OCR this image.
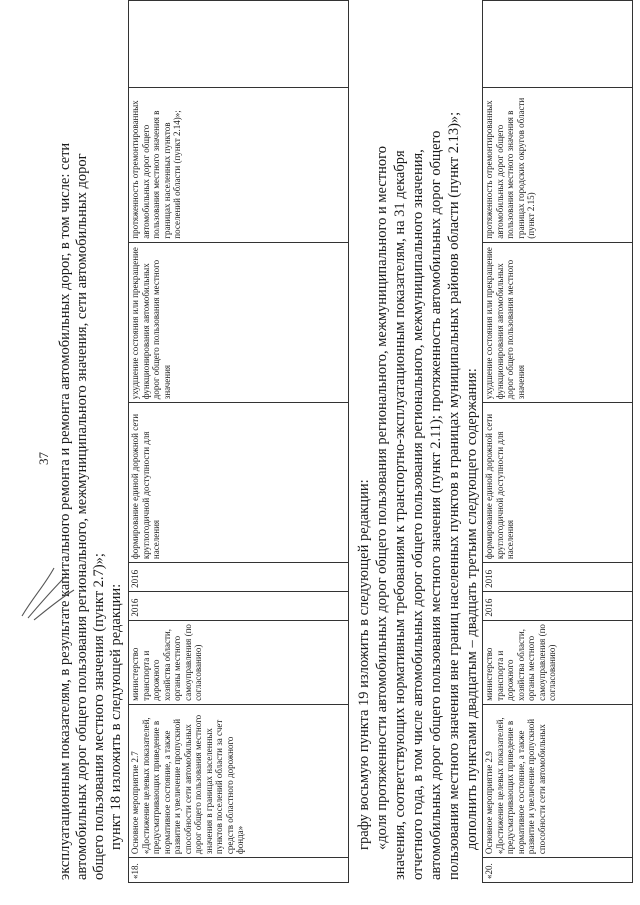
37 эксплуатационным показателям, в результате капитального ремонта и ремонта автомобильных дорог, в том числе: сети автомобильных дорог общего пользования регионального, межмуниципального значения, сети автомобильных дорог общего пользования местного значения (пункт 2.7)»; пункт 18 изложить в следующей редакции:
«18.	Основное мероприятие 2.7 «Достижение целевых показателей, предусматривающих приведение в нормативное состояние, а также развитие и увеличение пропускной способности сети автомобильных дорог общего пользования местного значения в границах населенных пунктов поселений области за счет средств областного дорожного фонда»	министерство транспорта и дорожного хозяйства области, органы местного самоуправления (по согласованию)	2016	2016	формирование единой дорожной сети круглогодичной доступности для населения	ухудшение состояния или прекращение функционирования автомобильных дорог общего пользования местного значения	протяженность отремонтированных автомобильных дорог общего пользования местного значения в границах населенных пунктов поселений области (пункт 2.14)»;	
графу восьмую пункта 19 изложить в следующей редакции: «доля протяженности автомобильных дорог общего пользования регионального, межмуниципального и местного значения, соответствующих нормативным требованиям к транспортно-эксплуатационным показателям, на 31 декабря отчетного года, в том числе автомобильных дорог общего пользования регионального, межмуниципального значения, автомобильных дорог общего пользования местного значения (пункт 2.11); протяженность автомобильных дорог общего пользования местного значения вне границ населенных пунктов в границах муниципальных районов области (пункт 2.13)»; дополнить пунктами двадцатым – двадцать третьим следующего содержания:
«20.	Основное мероприятие 2.9 «Достижение целевых показателей, предусматривающих приведение в нормативное состояние, а также развитие и увеличение пропускной способности сети автомобильных	министерство транспорта и дорожного хозяйства области, органы местного самоуправления (по согласованию)	2016	2016	формирование единой дорожной сети круглогодичной доступности для населения	ухудшение состояния или прекращение функционирования автомобильных дорог общего пользования местного значения	протяженность отремонтированных автомобильных дорог общего пользования местного значения в границах городских округов области (пункт 2.15)	
